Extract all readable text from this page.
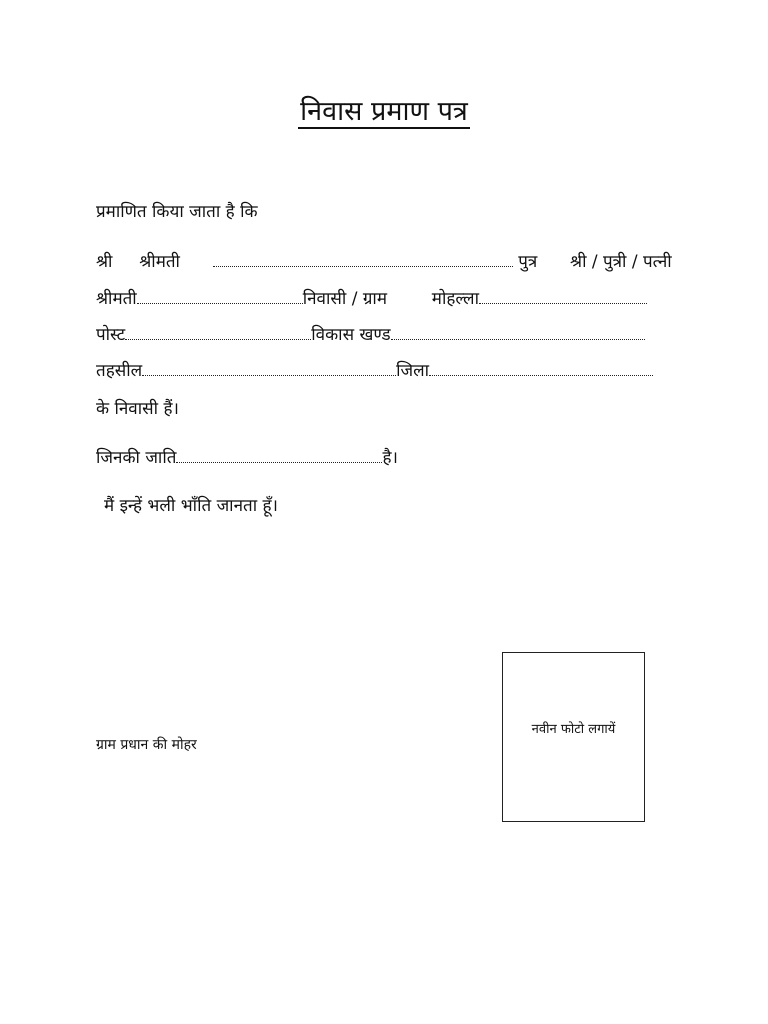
निवास प्रमाण पत्र
प्रमाणित किया जाता है कि
श्री श्रीमती	पुत्र श्री / पुत्री / पत्नी
श्रीमती	निवासी / ग्राम	मोहल्ला
पोस्ट	विकास खण्ड
तहसील	जिला
के निवासी हैं।
जिनकी जाति	है।
मैं इन्हें भली भाँति जानता हूँ।
ग्राम प्रधान की मोहर
नवीन फोटो लगायें
